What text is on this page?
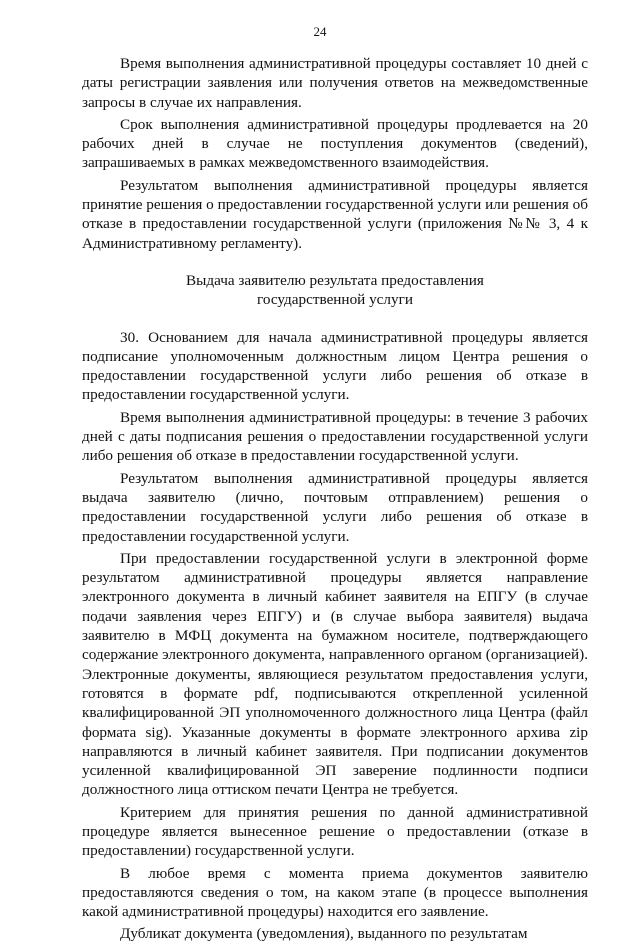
24

Время выполнения административной процедуры составляет 10 дней с даты регистрации заявления или получения ответов на межведомственные запросы в случае их направления.

Срок выполнения административной процедуры продлевается на 20 рабочих дней в случае не поступления документов (сведений), запрашиваемых в рамках межведомственного взаимодействия.

Результатом выполнения административной процедуры является принятие решения о предоставлении государственной услуги или решения об отказе в предоставлении государственной услуги (приложения №№ 3, 4 к Административному регламенту).

Выдача заявителю результата предоставления
государственной услуги

30. Основанием для начала административной процедуры является подписание уполномоченным должностным лицом Центра решения о предоставлении государственной услуги либо решения об отказе в предоставлении государственной услуги.

Время выполнения административной процедуры: в течение 3 рабочих дней с даты подписания решения о предоставлении государственной услуги либо решения об отказе в предоставлении государственной услуги.

Результатом выполнения административной процедуры является выдача заявителю (лично, почтовым отправлением) решения о предоставлении государственной услуги либо решения об отказе в предоставлении государственной услуги.

При предоставлении государственной услуги в электронной форме результатом административной процедуры является направление электронного документа в личный кабинет заявителя на ЕПГУ (в случае подачи заявления через ЕПГУ) и (в случае выбора заявителя) выдача заявителю в МФЦ документа на бумажном носителе, подтверждающего содержание электронного документа, направленного органом (организацией). Электронные документы, являющиеся результатом предоставления услуги, готовятся в формате pdf, подписываются открепленной усиленной квалифицированной ЭП уполномоченного должностного лица Центра (файл формата sig). Указанные документы в формате электронного архива zip направляются в личный кабинет заявителя. При подписании документов усиленной квалифицированной ЭП заверение подлинности подписи должностного лица оттиском печати Центра не требуется.

Критерием для принятия решения по данной административной процедуре является вынесенное решение о предоставлении (отказе в предоставлении) государственной услуги.

В любое время с момента приема документов заявителю предоставляются сведения о том, на каком этапе (в процессе выполнения какой административной процедуры) находится его заявление.

Дубликат документа (уведомления), выданного по результатам
